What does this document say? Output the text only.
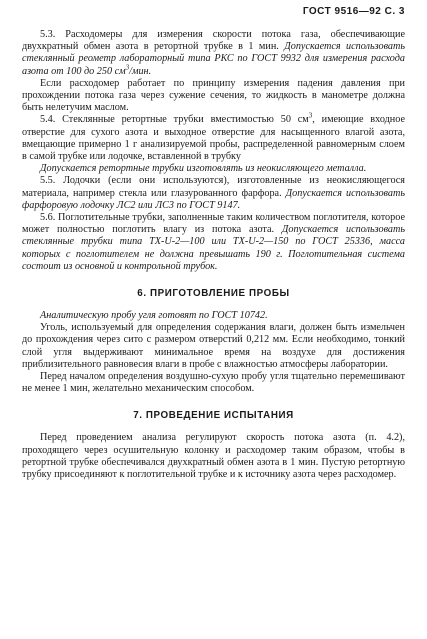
ГОСТ 9516—92 С. 3

5.3. Расходомеры для измерения скорости потока газа, обеспечивающие двухкратный обмен азота в ретортной трубке в 1 мин. Допускается использовать стеклянный реометр лабораторный типа РКС по ГОСТ 9932 для измерения расхода азота от 100 до 250 $см^3$/мин.

Если расходомер работает по принципу измерения падения давления при прохождении потока газа через сужение сечения, то жидкость в манометре должна быть нелетучим маслом.

5.4. Стеклянные ретортные трубки вместимостью 50 $см^3$, имеющие входное отверстие для сухого азота и выходное отверстие для насыщенного влагой азота, вмещающие примерно 1 г анализируемой пробы, распределенной равномерным слоем в самой трубке или лодочке, вставленной в трубку

Допускается ретортные трубки изготовлять из неокисляющего металла.

5.5. Лодочки (если они используются), изготовленные из неокисляющегося материала, например стекла или глазурованного фарфора. Допускается использовать фарфоровую лодочку ЛС2 или ЛС3 по ГОСТ 9147.

5.6. Поглотительные трубки, заполненные таким количеством поглотителя, которое может полностью поглотить влагу из потока азота. Допускается использовать стеклянные трубки типа ТХ-U-2—100 или ТХ-U-2—150 по ГОСТ 25336, масса которых с поглотителем не должна превышать 190 г. Поглотительная система состоит из основной и контрольной трубок.

6. ПРИГОТОВЛЕНИЕ ПРОБЫ

Аналитическую пробу угля готовят по ГОСТ 10742.

Уголь, используемый для определения содержания влаги, должен быть измельчен до прохождения через сито с размером отверстий 0,212 мм. Если необходимо, тонкий слой угля выдерживают минимальное время на воздухе для достижения приблизительного равновесия влаги в пробе с влажностью атмосферы лаборатории.

Перед началом определения воздушно-сухую пробу угля тщательно перемешивают не менее 1 мин, желательно механическим способом.

7. ПРОВЕДЕНИЕ ИСПЫТАНИЯ

Перед проведением анализа регулируют скорость потока азота (п. 4.2), проходящего через осушительную колонку и расходомер таким образом, чтобы в ретортной трубке обеспечивался двухкратный обмен азота в 1 мин. Пустую ретортную трубку присоединяют к поглотительной трубке и к источнику азота через расходомер.
